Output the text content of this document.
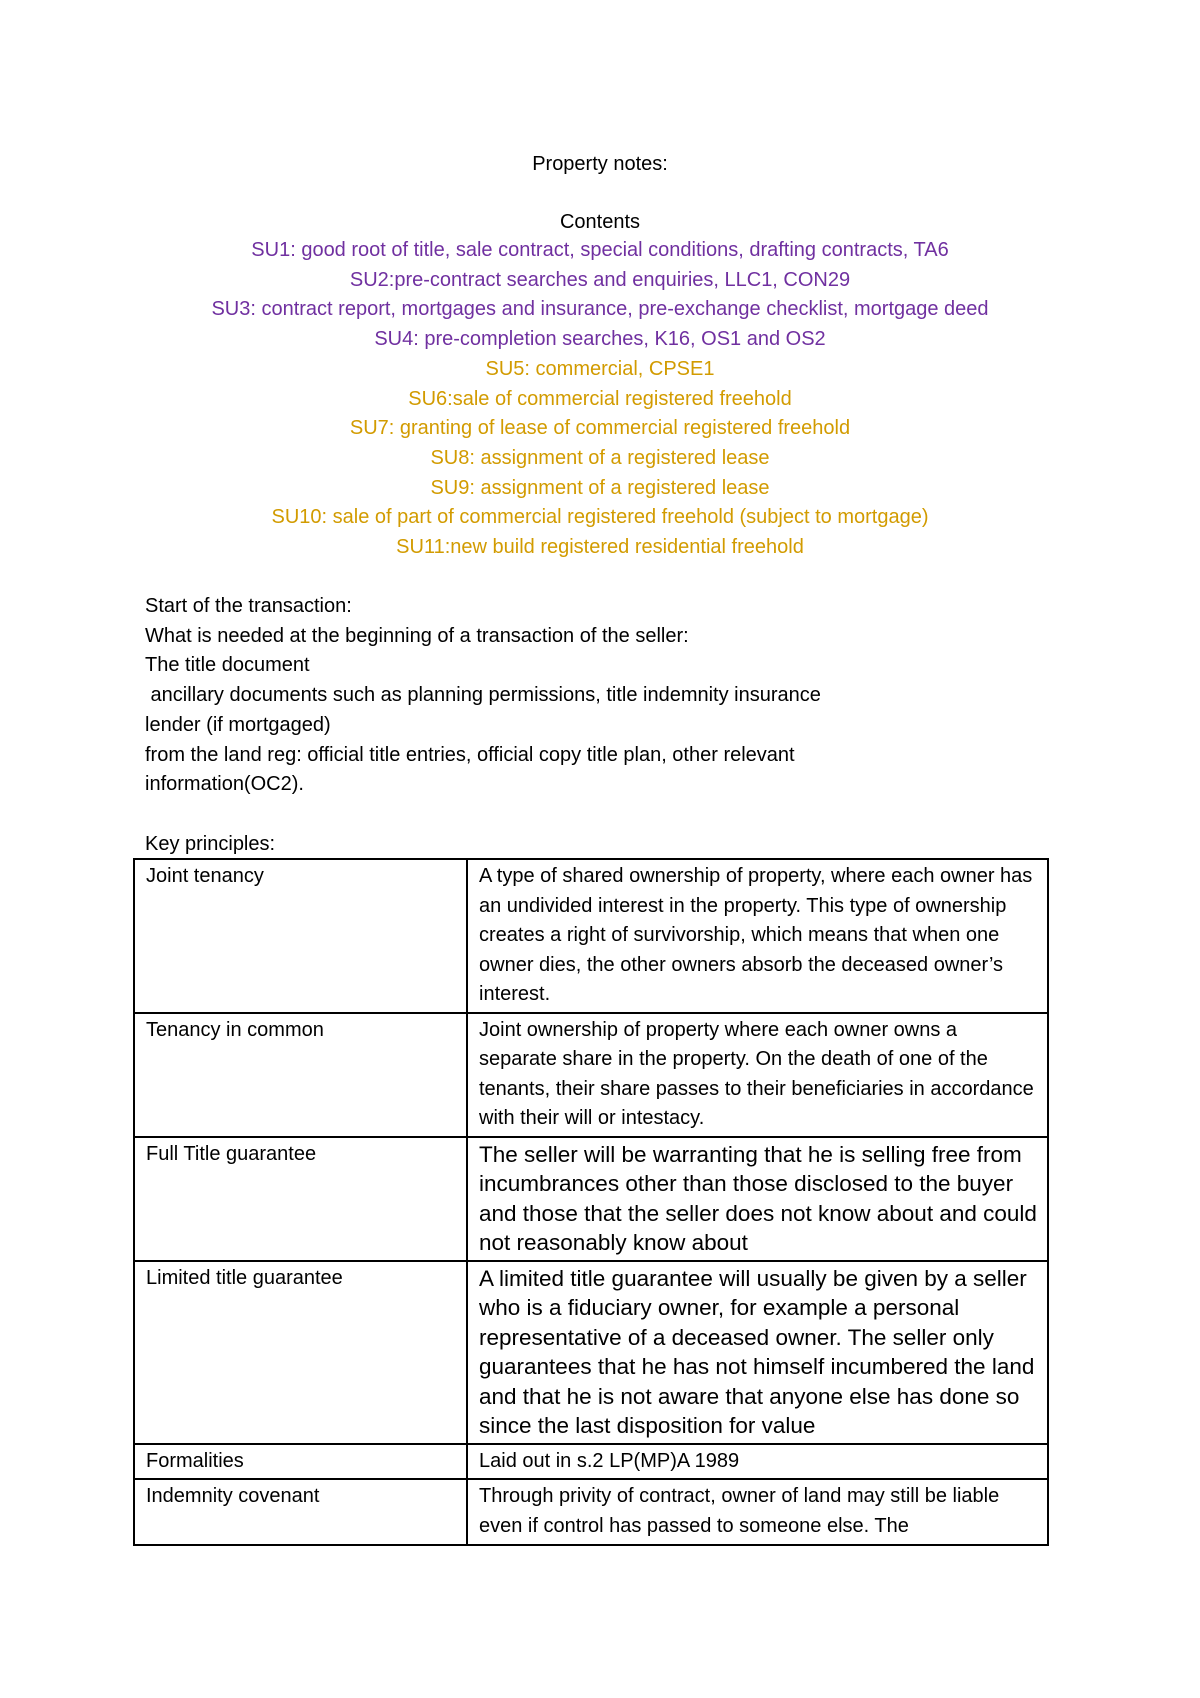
Property notes:
Contents
SU1: good root of title, sale contract, special conditions, drafting contracts, TA6
SU2:pre-contract searches and enquiries, LLC1, CON29
SU3: contract report, mortgages and insurance, pre-exchange checklist, mortgage deed
SU4: pre-completion searches, K16, OS1 and OS2
SU5: commercial, CPSE1
SU6:sale of commercial registered freehold
SU7: granting of lease of commercial registered freehold
SU8: assignment of a registered lease
SU9: assignment of a registered lease
SU10: sale of part of commercial registered freehold (subject to mortgage)
SU11:new build registered residential freehold
Start of the transaction:
What is needed at the beginning of a transaction of the seller:
The title document
ancillary documents such as planning permissions, title indemnity insurance
lender (if mortgaged)
from the land reg: official title entries, official copy title plan, other relevant
information(OC2).
Key principles:
Joint tenancy	A type of shared ownership of property, where each owner has an undivided interest in the property. This type of ownership creates a right of survivorship, which means that when one owner dies, the other owners absorb the deceased owner’s interest.
Tenancy in common	Joint ownership of property where each owner owns a separate share in the property. On the death of one of the tenants, their share passes to their beneficiaries in accordance with their will or intestacy.
Full Title guarantee	The seller will be warranting that he is selling free from incumbrances other than those disclosed to the buyer and those that the seller does not know about and could not reasonably know about
Limited title guarantee	A limited title guarantee will usually be given by a seller who is a fiduciary owner, for example a personal representative of a deceased owner. The seller only guarantees that he has not himself incumbered the land and that he is not aware that anyone else has done so since the last disposition for value
Formalities	Laid out in s.2 LP(MP)A 1989
Indemnity covenant	Through privity of contract, owner of land may still be liable even if control has passed to someone else. The
